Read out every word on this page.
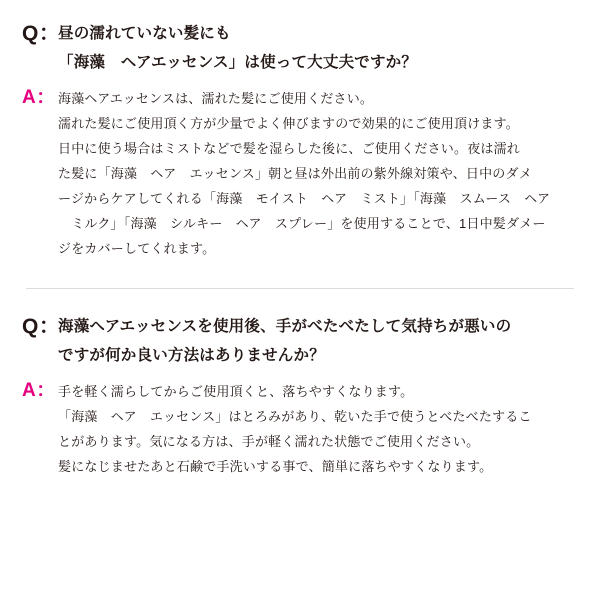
Q：
昼の濡れていない髪にも
「海藻　ヘアエッセンス」は使って大丈夫ですか？
A： 海藻ヘアエッセンスは、濡れた髪にご使用ください。
濡れた髪にご使用頂く方が少量でよく伸びますので効果的にご使用頂けます。
日中に使う場合はミストなどで髪を湿らした後に、ご使用ください。夜は濡れ
た髪に「海藻　ヘア　エッセンス」朝と昼は外出前の紫外線対策や、日中のダメ
ージからケアしてくれる「海藻　モイスト　ヘア　ミスト」「海藻　スムース　ヘア
　ミルク」「海藻　シルキー　ヘア　スプレー」を使用することで、1日中髪ダメー
ジをカバーしてくれます。
Q：
海藻ヘアエッセンスを使用後、手がべたべたして気持ちが悪いの
ですが何か良い方法はありませんか？
A： 手を軽く濡らしてからご使用頂くと、落ちやすくなります。
「海藻　ヘア　エッセンス」はとろみがあり、乾いた手で使うとべたべたするこ
とがあります。気になる方は、手が軽く濡れた状態でご使用ください。
髪になじませたあと石鹸で手洗いする事で、簡単に落ちやすくなります。
